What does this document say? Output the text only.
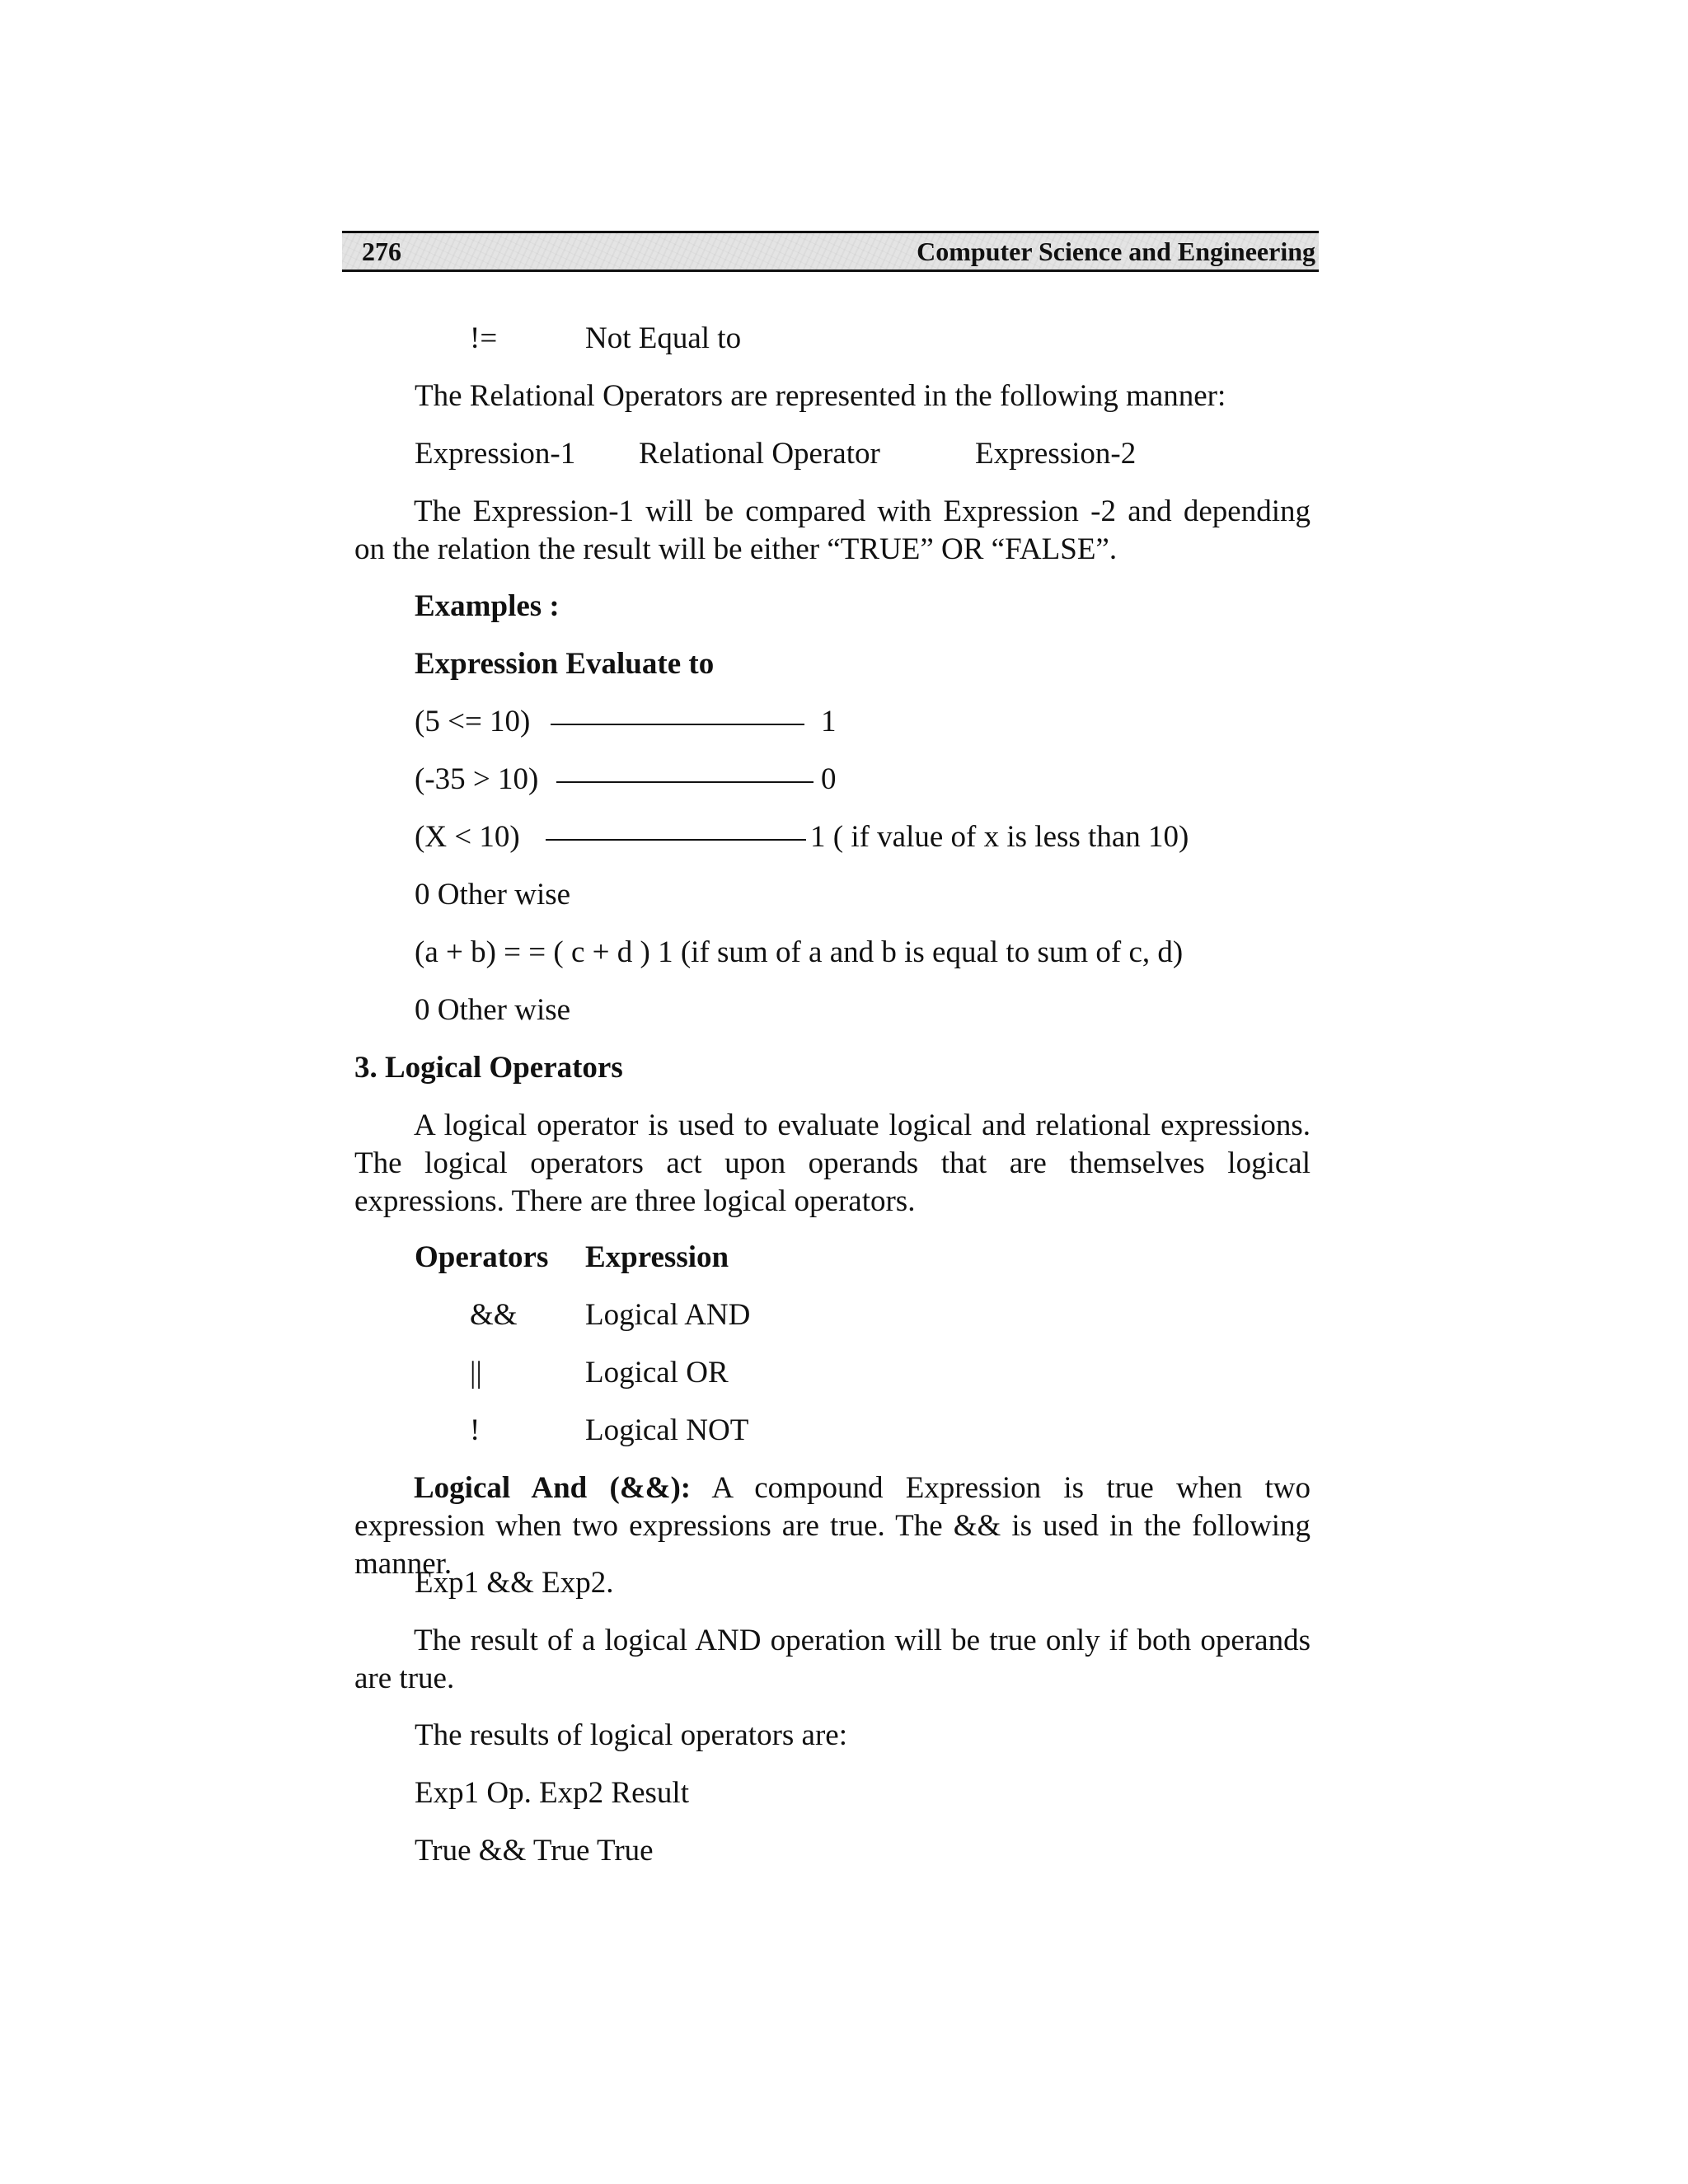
276	Computer Science and Engineering
!=	Not Equal to
The Relational Operators are represented in the following manner:
Expression-1 Relational Operator	Expression-2
The Expression-1 will be compared with Expression -2 and depending on the relation the result will be either “TRUE” OR “FALSE”.
Examples :
Expression Evaluate to
(5 <= 10)	1
(-35 > 10)	0
(X < 10)	1 ( if value of x is less than 10)
0 Other wise
(a + b) = = ( c + d ) 1 (if sum of a and b is equal to sum of c, d)
0 Other wise
3. Logical Operators
A logical operator is used to evaluate logical and relational expressions. The logical operators act upon operands that are themselves logical expressions. There are three logical operators.
Operators Expression
&& Logical AND
||	Logical OR
!	Logical NOT
Logical And (&&): A compound Expression is true when two expression when two expressions are true. The && is used in the following manner.
Exp1 && Exp2.
The result of a logical AND operation will be true only if both operands are true.
The results of logical operators are:
Exp1 Op. Exp2 Result
True && True True
